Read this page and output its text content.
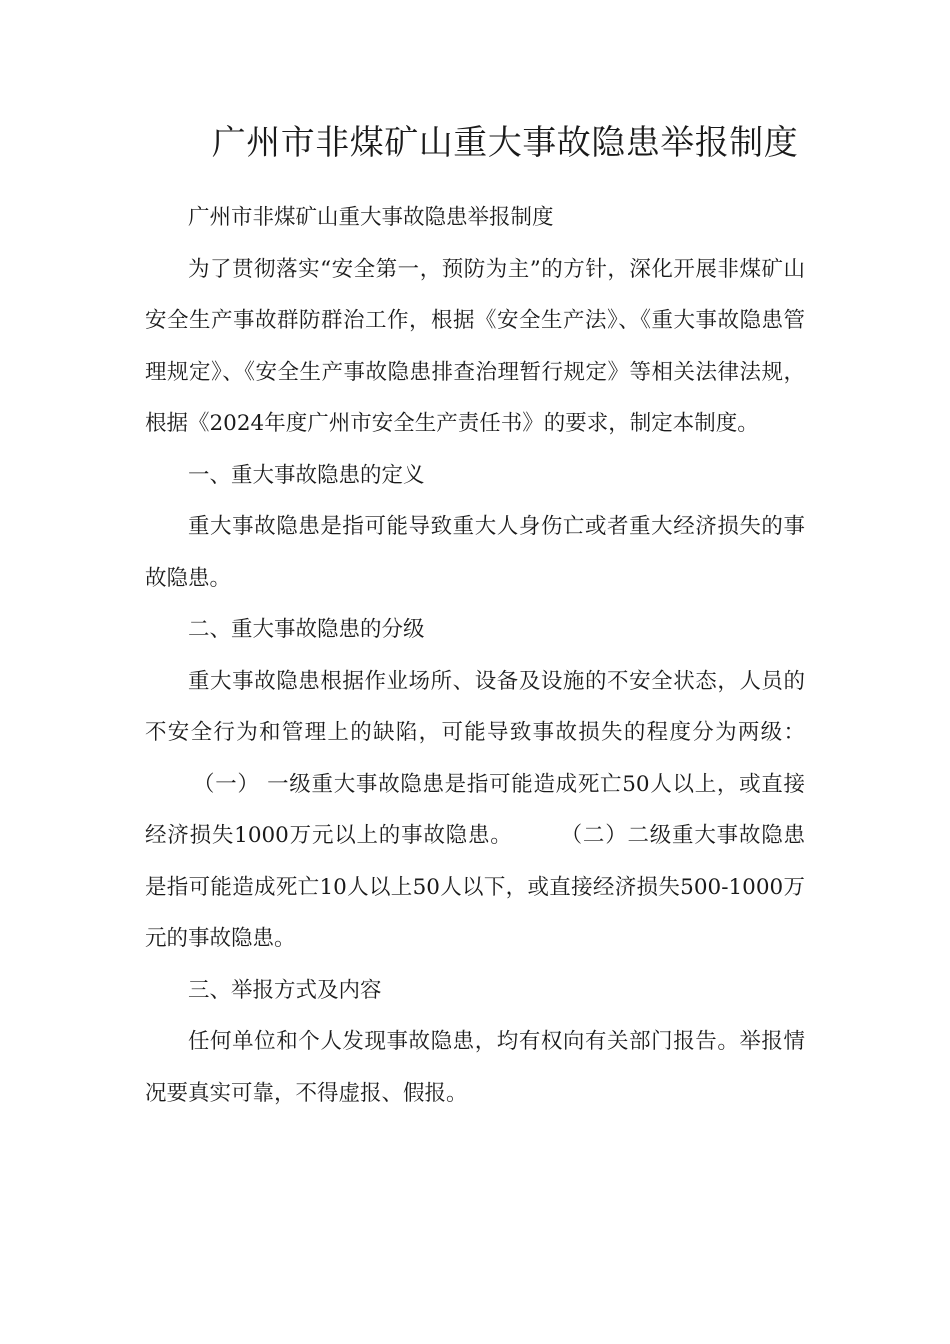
广州市非煤矿山重大事故隐患举报制度

广州市非煤矿山重大事故隐患举报制度

为了贯彻落实“安全第一，预防为主”的方针，深化开展非煤矿山安全生产事故群防群治工作，根据《安全生产法》、《重大事故隐患管理规定》、《安全生产事故隐患排查治理暂行规定》等相关法律法规，根据《2024年度广州市安全生产责任书》的要求，制定本制度。

一、重大事故隐患的定义

重大事故隐患是指可能导致重大人身伤亡或者重大经济损失的事故隐患。

二、重大事故隐患的分级

重大事故隐患根据作业场所、设备及设施的不安全状态，人员的不安全行为和管理上的缺陷，可能导致事故损失的程度分为两级：（一） 一级重大事故隐患是指可能造成死亡50人以上，或直接经济损失1000万元以上的事故隐患。 （二）二级重大事故隐患是指可能造成死亡10人以上50人以下，或直接经济损失500-1000万元的事故隐患。

三、举报方式及内容

任何单位和个人发现事故隐患，均有权向有关部门报告。举报情况要真实可靠，不得虚报、假报。
